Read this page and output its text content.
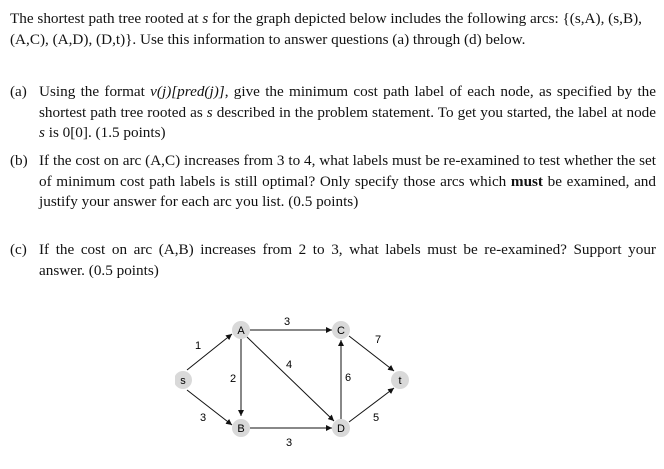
The shortest path tree rooted at s for the graph depicted below includes the following arcs: {(s,A), (s,B), (A,C), (A,D), (D,t)}. Use this information to answer questions (a) through (d) below.
(a) Using the format v(j)[pred(j)], give the minimum cost path label of each node, as specified by the shortest path tree rooted as s described in the problem statement. To get you started, the label at node s is 0[0]. (1.5 points)
(b) If the cost on arc (A,C) increases from 3 to 4, what labels must be re-examined to test whether the set of minimum cost path labels is still optimal? Only specify those arcs which must be examined, and justify your answer for each arc you list. (0.5 points)
(c) If the cost on arc (A,B) increases from 2 to 3, what labels must be re-examined? Support your answer. (0.5 points)
s
A
B
C
D
t
1
3
2
3
4
3
6
7
5
